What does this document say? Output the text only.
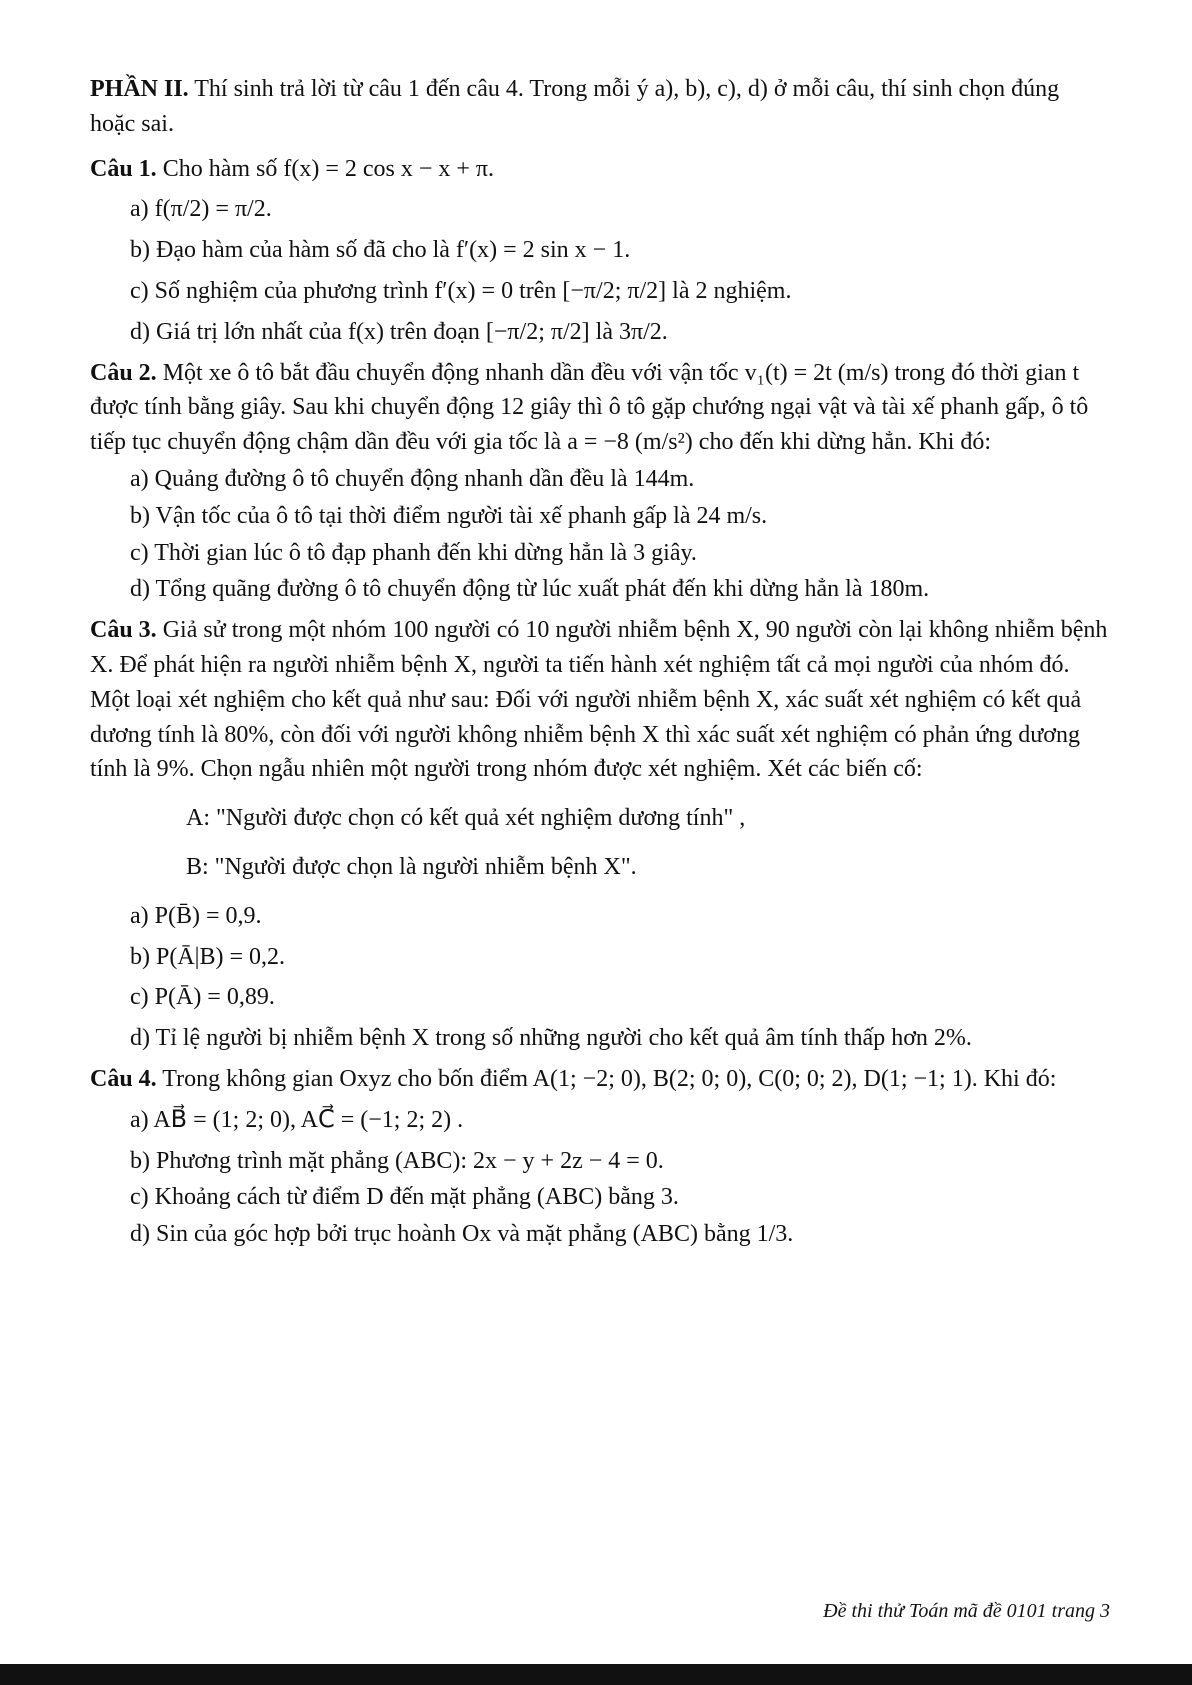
PHẦN II. Thí sinh trả lời từ câu 1 đến câu 4. Trong mỗi ý a), b), c), d) ở mỗi câu, thí sinh chọn đúng hoặc sai.

Câu 1. Cho hàm số f(x) = 2 cos x − x + π.

a) f(π/2) = π/2.

b) Đạo hàm của hàm số đã cho là f′(x) = 2 sin x − 1.

c) Số nghiệm của phương trình f′(x) = 0 trên [−π/2; π/2] là 2 nghiệm.

d) Giá trị lớn nhất của f(x) trên đoạn [−π/2; π/2] là 3π/2.

Câu 2. Một xe ô tô bắt đầu chuyển động nhanh dần đều với vận tốc v₁(t) = 2t (m/s) trong đó thời gian t được tính bằng giây. Sau khi chuyển động 12 giây thì ô tô gặp chướng ngại vật và tài xế phanh gấp, ô tô tiếp tục chuyển động chậm dần đều với gia tốc là a = −8 (m/s²) cho đến khi dừng hẳn. Khi đó:

a) Quảng đường ô tô chuyển động nhanh dần đều là 144m.

b) Vận tốc của ô tô tại thời điểm người tài xế phanh gấp là 24 m/s.

c) Thời gian lúc ô tô đạp phanh đến khi dừng hẳn là 3 giây.

d) Tổng quãng đường ô tô chuyển động từ lúc xuất phát đến khi dừng hẳn là 180m.

Câu 3. Giả sử trong một nhóm 100 người có 10 người nhiễm bệnh X, 90 người còn lại không nhiễm bệnh X. Để phát hiện ra người nhiễm bệnh X, người ta tiến hành xét nghiệm tất cả mọi người của nhóm đó. Một loại xét nghiệm cho kết quả như sau: Đối với người nhiễm bệnh X, xác suất xét nghiệm có kết quả dương tính là 80%, còn đối với người không nhiễm bệnh X thì xác suất xét nghiệm có phản ứng dương tính là 9%. Chọn ngẫu nhiên một người trong nhóm được xét nghiệm. Xét các biến cố:

A: "Người được chọn có kết quả xét nghiệm dương tính" ,

B: "Người được chọn là người nhiễm bệnh X".

a) P(B̄) = 0,9.

b) P(Ā|B) = 0,2.

c) P(Ā) = 0,89.

d) Tỉ lệ người bị nhiễm bệnh X trong số những người cho kết quả âm tính thấp hơn 2%.

Câu 4. Trong không gian Oxyz cho bốn điểm A(1; −2; 0), B(2; 0; 0), C(0; 0; 2), D(1; −1; 1). Khi đó:

a) AB⃗ = (1; 2; 0), AC⃗ = (−1; 2; 2) .

b) Phương trình mặt phẳng (ABC): 2x − y + 2z − 4 = 0.

c) Khoảng cách từ điểm D đến mặt phẳng (ABC) bằng 3.

d) Sin của góc hợp bởi trục hoành Ox và mặt phẳng (ABC) bằng 1/3.

Đề thi thử Toán mã đề 0101 trang 3
